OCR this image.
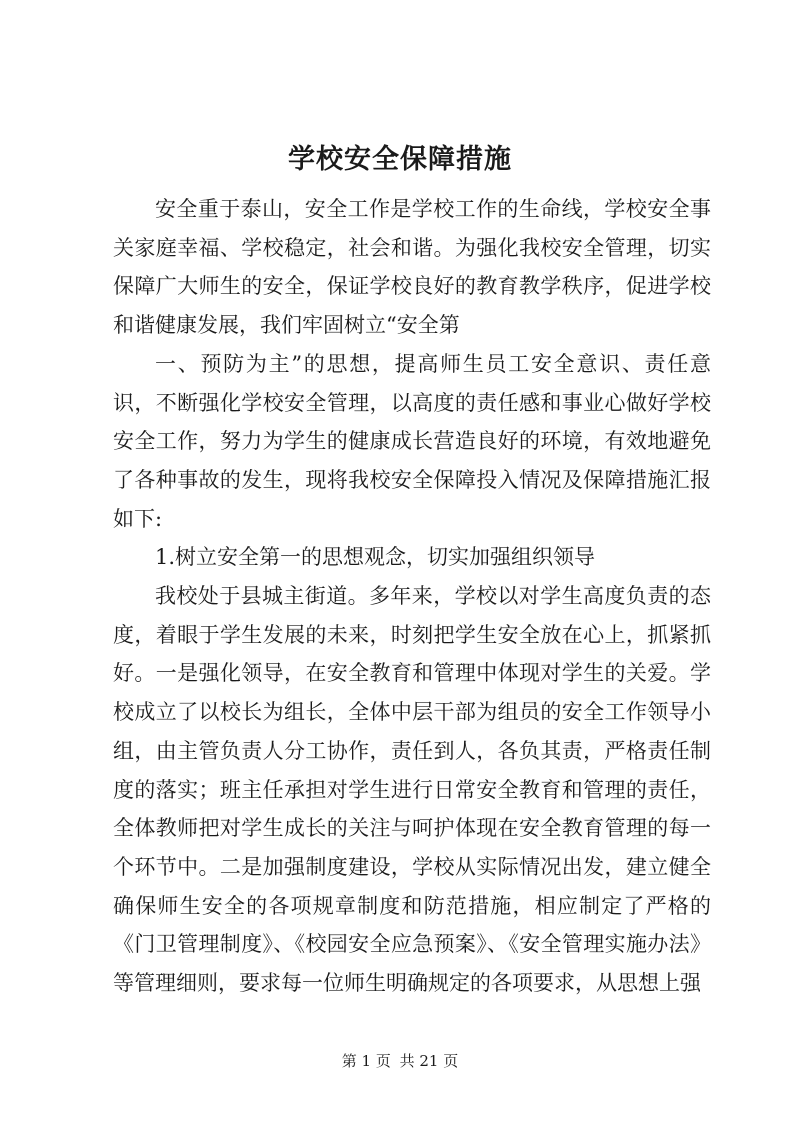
学校安全保障措施

安全重于泰山，安全工作是学校工作的生命线，学校安全事关家庭幸福、学校稳定，社会和谐。为强化我校安全管理，切实保障广大师生的安全，保证学校良好的教育教学秩序，促进学校和谐健康发展，我们牢固树立“安全第

一、预防为主”的思想，提高师生员工安全意识、责任意识，不断强化学校安全管理，以高度的责任感和事业心做好学校安全工作，努力为学生的健康成长营造良好的环境，有效地避免了各种事故的发生，现将我校安全保障投入情况及保障措施汇报如下:

1.树立安全第一的思想观念，切实加强组织领导

我校处于县城主街道。多年来，学校以对学生高度负责的态度，着眼于学生发展的未来，时刻把学生安全放在心上，抓紧抓好。一是强化领导，在安全教育和管理中体现对学生的关爱。学校成立了以校长为组长，全体中层干部为组员的安全工作领导小组，由主管负责人分工协作，责任到人，各负其责，严格责任制度的落实；班主任承担对学生进行日常安全教育和管理的责任，全体教师把对学生成长的关注与呵护体现在安全教育管理的每一个环节中。二是加强制度建设，学校从实际情况出发，建立健全确保师生安全的各项规章制度和防范措施，相应制定了严格的《门卫管理制度》、《校园安全应急预案》、《安全管理实施办法》等管理细则，要求每一位师生明确规定的各项要求，从思想上强

第 1 页 共 21 页
